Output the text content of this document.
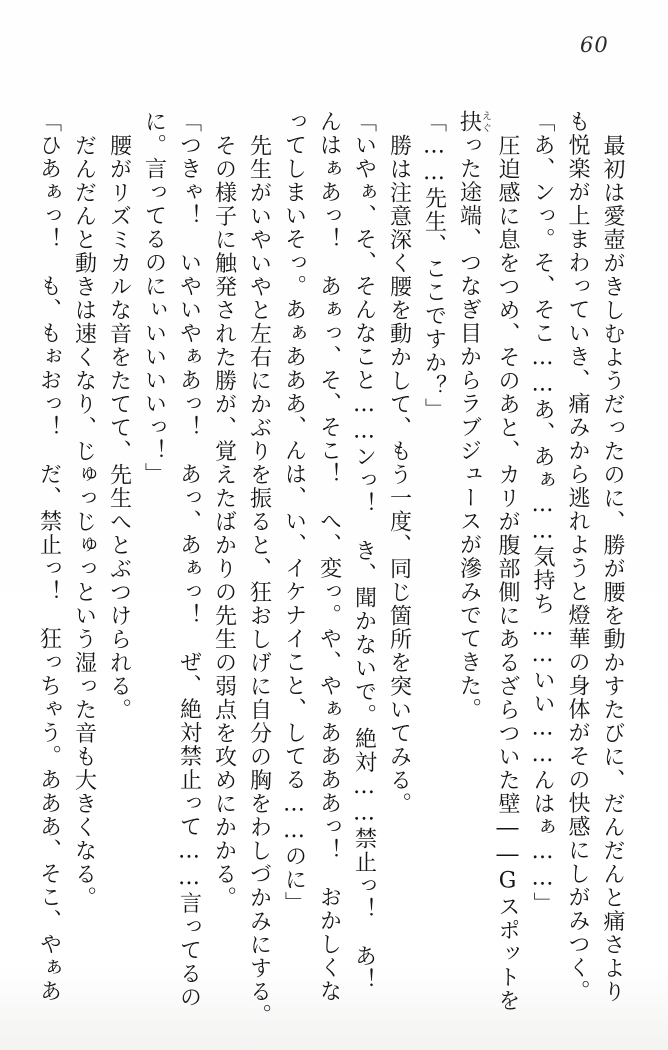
60
最初は愛壺がきしむようだったのに、勝が腰を動かすたびに、だんだんと痛さより
も悦楽が上まわっていき、痛みから逃れようと燈華の身体がその快感にしがみつく。
「あ、ンっ。そ、そこ……あ、あぁ……気持ち……いい……んはぁ……」
圧迫感に息をつめ、そのあと、カリが腹部側にあるざらついた壁――Gスポットを
抉えぐった途端、つなぎ目からラブジュースが滲みでてきた。
「……先生、ここですか？」
勝は注意深く腰を動かして、もう一度、同じ箇所を突いてみる。
「いやぁ、そ、そんなこと……ンっ！　き、聞かないで。絶対……禁止っ！　あ！
んはぁあっ！　あぁっ、そ、そこ！　へ、変っ。や、やぁああああっ！　おかしくな
ってしまいそっ。あぁあああ、んは、い、イケナイこと、してる……のに」
先生がいやいやと左右にかぶりを振ると、狂おしげに自分の胸をわしづかみにする。
その様子に触発された勝が、覚えたばかりの先生の弱点を攻めにかかる。
「つきゃ！　いやいやぁあっ！　あっ、あぁっ！　ぜ、絶対禁止って……言ってるの
に。言ってるのにぃいいいいっ！」
腰がリズミカルな音をたてて、先生へとぶつけられる。
だんだんと動きは速くなり、じゅっじゅっという湿った音も大きくなる。
「ひあぁっ！　も、もぉおっ！　だ、禁止っ！　狂っちゃう。あああ、そこ、やぁあ
